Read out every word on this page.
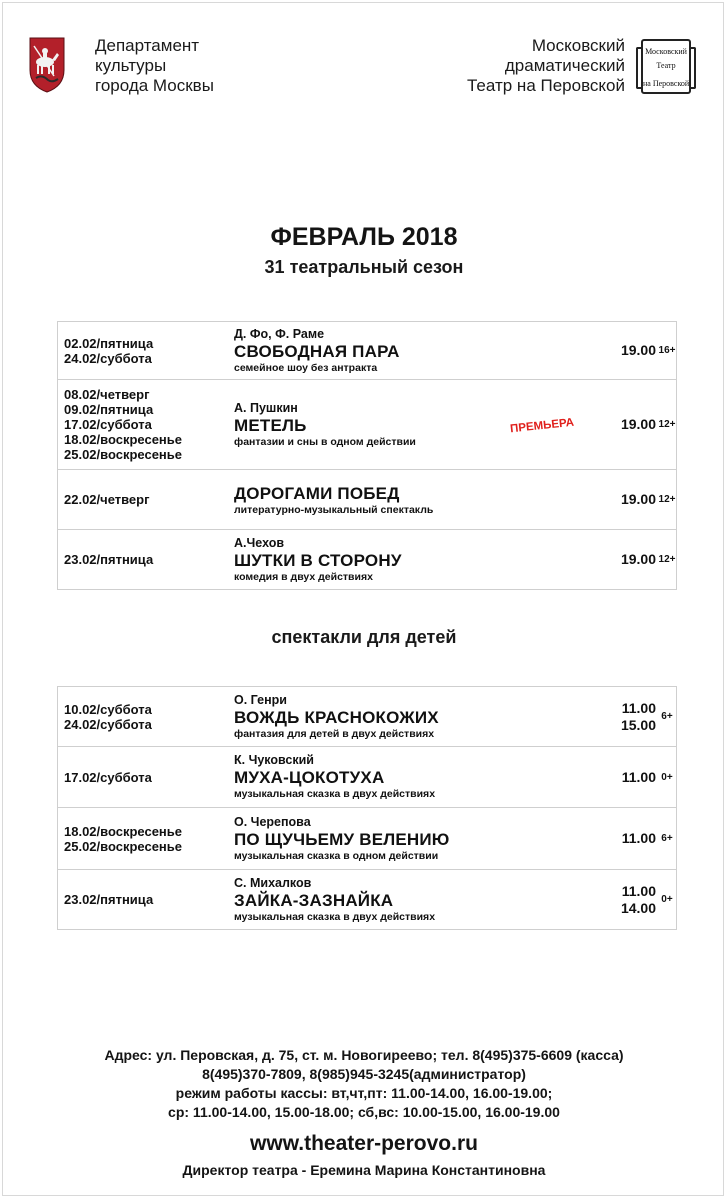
Департамент
культуры
города Москвы
Московский
драматический
Театр на Перовской
Московский
Театр
на Перовской
ФЕВРАЛЬ 2018
31 театральный сезон
02.02/пятница
24.02/суббота
Д. Фо, Ф. Раме
СВОБОДНАЯ ПАРА
семейное шоу без антракта
19.00 16+
08.02/четверг
09.02/пятница
17.02/суббота
18.02/воскресенье
25.02/воскресенье
А. Пушкин
МЕТЕЛЬ
фантазии и сны в одном действии
ПРЕМЬЕРА	19.00 12+
22.02/четверг	ДОРОГАМИ ПОБЕД
литературно-музыкальный спектакль
19.00 12+
23.02/пятница
А.Чехов
ШУТКИ В СТОРОНУ
комедия в двух действиях
19.00 12+
спектакли для детей
10.02/суббота
24.02/суббота
О. Генри
ВОЖДЬ КРАСНОКОЖИХ
фантазия для детей в двух действиях
11.00
15.00 6+
17.02/суббота
К. Чуковский
МУХА-ЦОКОТУХА
музыкальная сказка в двух действиях
11.00 0+
18.02/воскресенье
25.02/воскресенье
О. Черепова
ПО ЩУЧЬЕМУ ВЕЛЕНИЮ
музыкальная сказка в одном действии
11.00 6+
23.02/пятница
С. Михалков
ЗАЙКА-ЗАЗНАЙКА
музыкальная сказка в двух действиях
11.00
14.00 0+
Адрес: ул. Перовская, д. 75, ст. м. Новогиреево; тел. 8(495)375-6609 (касса)
8(495)370-7809, 8(985)945-3245(администратор)
режим работы кассы: вт,чт,пт: 11.00-14.00, 16.00-19.00;
ср: 11.00-14.00, 15.00-18.00; сб,вс: 10.00-15.00, 16.00-19.00
www.theater-perovo.ru
Директор театра - Еремина Марина Константиновна
